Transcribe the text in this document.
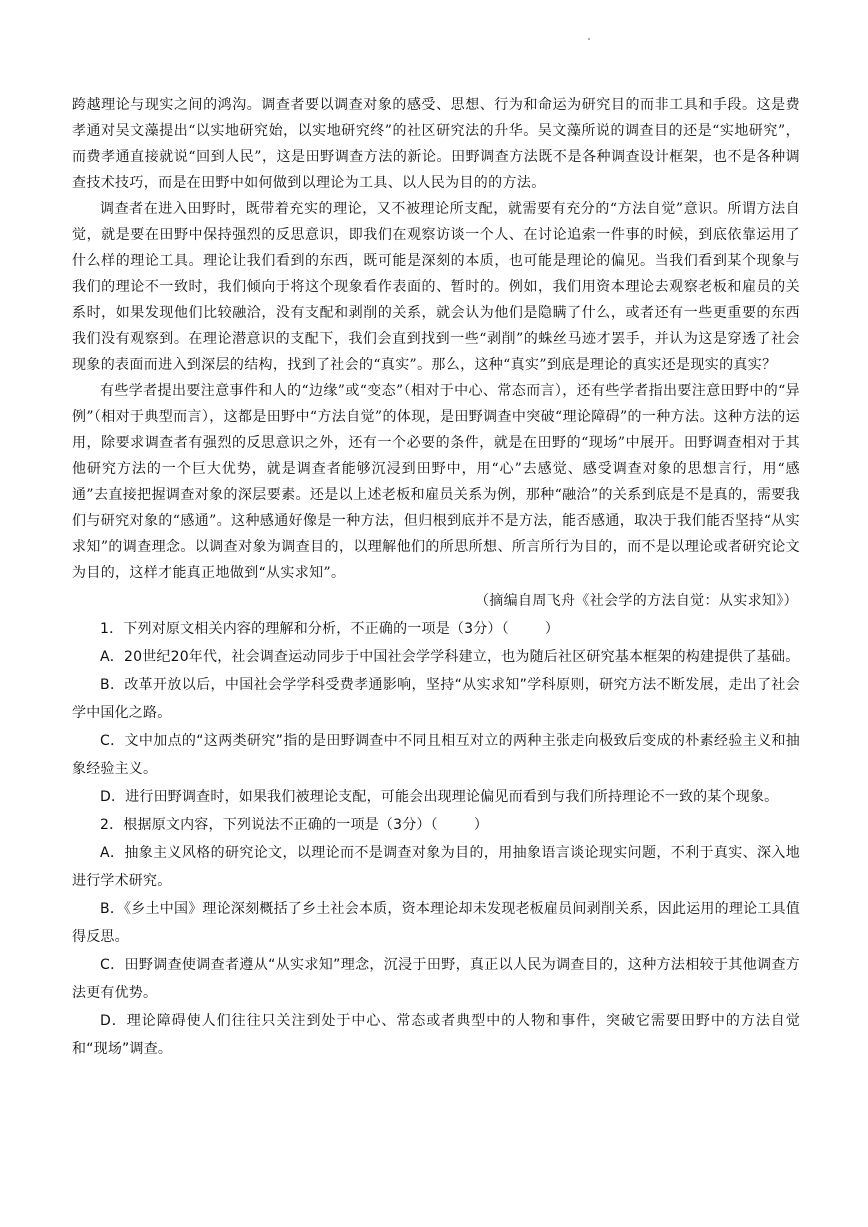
跨越理论与现实之间的鸿沟。调查者要以调查对象的感受、思想、行为和命运为研究目的而非工具和手段。这是费孝通对吴文藻提出“以实地研究始，以实地研究终”的社区研究法的升华。吴文藻所说的调查目的还是“实地研究”，而费孝通直接就说“回到人民”，这是田野调查方法的新论。田野调查方法既不是各种调查设计框架，也不是各种调查技术技巧，而是在田野中如何做到以理论为工具、以人民为目的的方法。

调查者在进入田野时，既带着充实的理论，又不被理论所支配，就需要有充分的“方法自觉”意识。所谓方法自觉，就是要在田野中保持强烈的反思意识，即我们在观察访谈一个人、在讨论追索一件事的时候，到底依靠运用了什么样的理论工具。理论让我们看到的东西，既可能是深刻的本质，也可能是理论的偏见。当我们看到某个现象与我们的理论不一致时，我们倾向于将这个现象看作表面的、暂时的。例如，我们用资本理论去观察老板和雇员的关系时，如果发现他们比较融洽，没有支配和剥削的关系，就会认为他们是隐瞒了什么，或者还有一些更重要的东西我们没有观察到。在理论潜意识的支配下，我们会直到找到一些“剥削”的蛛丝马迹才罢手，并认为这是穿透了社会现象的表面而进入到深层的结构，找到了社会的“真实”。那么，这种“真实”到底是理论的真实还是现实的真实？

有些学者提出要注意事件和人的“边缘”或“变态”（相对于中心、常态而言），还有些学者指出要注意田野中的“异例”（相对于典型而言），这都是田野中“方法自觉”的体现，是田野调查中突破“理论障碍”的一种方法。这种方法的运用，除要求调查者有强烈的反思意识之外，还有一个必要的条件，就是在田野的“现场”中展开。田野调查相对于其他研究方法的一个巨大优势，就是调查者能够沉浸到田野中，用“心”去感觉、感受调查对象的思想言行，用“感通”去直接把握调查对象的深层要素。还是以上述老板和雇员关系为例，那种“融洽”的关系到底是不是真的，需要我们与研究对象的“感通”。这种感通好像是一种方法，但归根到底并不是方法，能否感通，取决于我们能否坚持“从实求知”的调查理念。以调查对象为调查目的，以理解他们的所思所想、所言所行为目的，而不是以理论或者研究论文为目的，这样才能真正地做到“从实求知”。

（摘编自周飞舟《社会学的方法自觉：从实求知》）

1．下列对原文相关内容的理解和分析，不正确的一项是（3分）（	）

A．20世纪20年代，社会调查运动同步于中国社会学学科建立，也为随后社区研究基本框架的构建提供了基础。

B．改革开放以后，中国社会学学科受费孝通影响，坚持“从实求知”学科原则，研究方法不断发展，走出了社会学中国化之路。

C．文中加点的“这两类研究”指的是田野调查中不同且相互对立的两种主张走向极致后变成的朴素经验主义和抽象经验主义。

D．进行田野调查时，如果我们被理论支配，可能会出现理论偏见而看到与我们所持理论不一致的某个现象。

2．根据原文内容，下列说法不正确的一项是（3分）（	）

A．抽象主义风格的研究论文，以理论而不是调查对象为目的，用抽象语言谈论现实问题，不利于真实、深入地进行学术研究。

B．《乡土中国》理论深刻概括了乡土社会本质，资本理论却未发现老板雇员间剥削关系，因此运用的理论工具值得反思。

C．田野调查使调查者遵从“从实求知”理念，沉浸于田野，真正以人民为调查目的，这种方法相较于其他调查方法更有优势。

D．理论障碍使人们往往只关注到处于中心、常态或者典型中的人物和事件，突破它需要田野中的方法自觉和“现场”调查。
